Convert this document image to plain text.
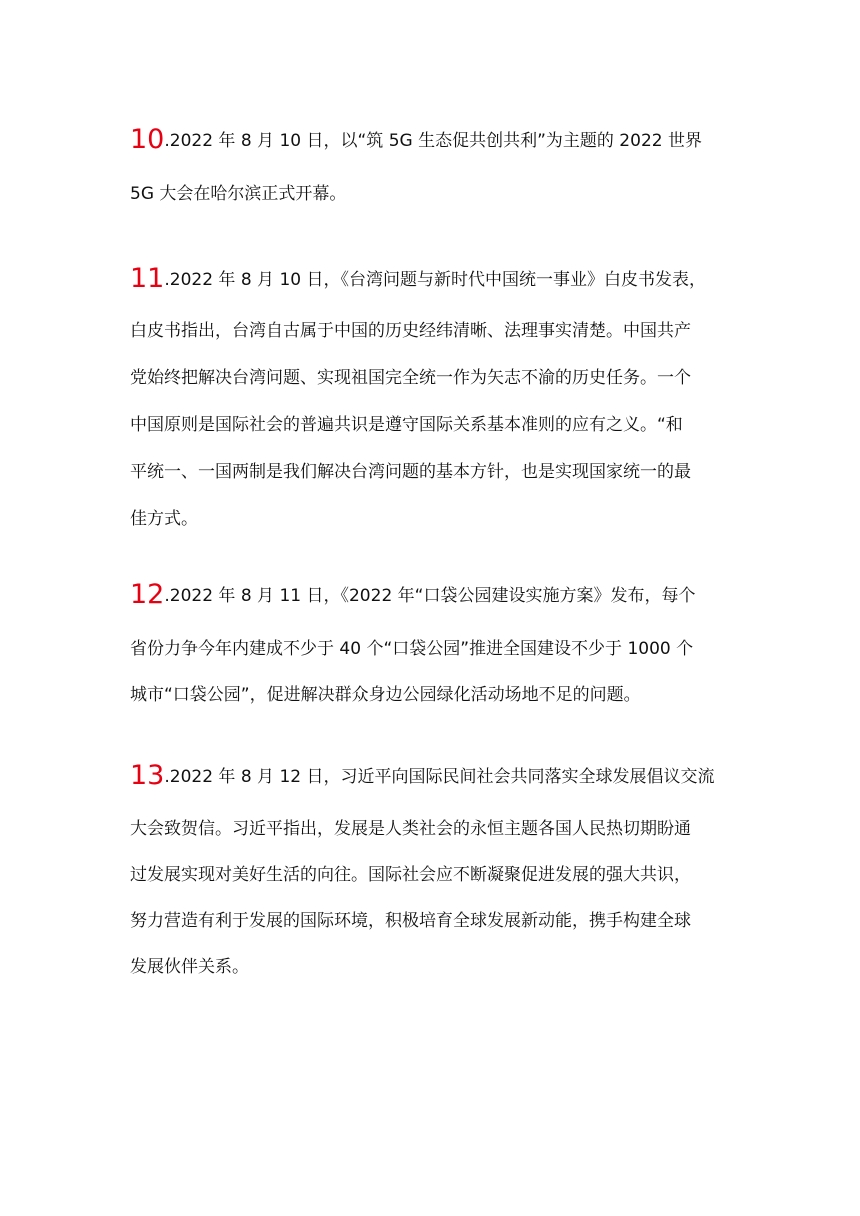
10.2022 年 8 月 10 日，以“筑 5G 生态促共创共利”为主题的 2022 世界
5G 大会在哈尔滨正式开幕。
11.2022 年 8 月 10 日，《台湾问题与新时代中国统一事业》白皮书发表，
白皮书指出，台湾自古属于中国的历史经纬清晰、法理事实清楚。中国共产
党始终把解决台湾问题、实现祖国完全统一作为矢志不渝的历史任务。一个
中国原则是国际社会的普遍共识是遵守国际关系基本准则的应有之义。“和
平统一、一国两制是我们解决台湾问题的基本方针，也是实现国家统一的最
佳方式。
12.2022 年 8 月 11 日，《2022 年“口袋公园建设实施方案》发布，每个
省份力争今年内建成不少于 40 个“口袋公园”推进全国建设不少于 1000 个
城市“口袋公园”，促进解决群众身边公园绿化活动场地不足的问题。
13.2022 年 8 月 12 日，习近平向国际民间社会共同落实全球发展倡议交流
大会致贺信。习近平指出，发展是人类社会的永恒主题各国人民热切期盼通
过发展实现对美好生活的向往。国际社会应不断凝聚促进发展的强大共识，
努力营造有利于发展的国际环境，积极培育全球发展新动能，携手构建全球
发展伙伴关系。
